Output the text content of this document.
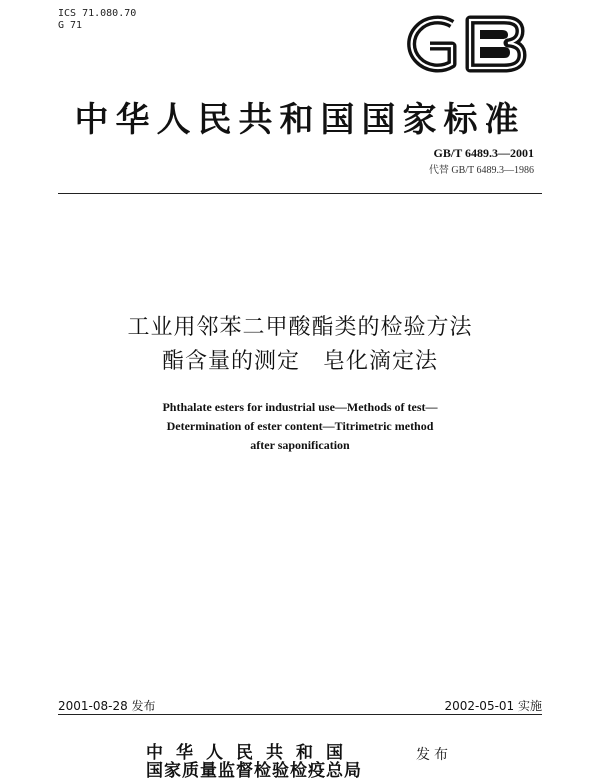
ICS 71.080.70
G 71
中华人民共和国国家标准
GB/T 6489.3—2001
代替 GB/T 6489.3—1986
工业用邻苯二甲酸酯类的检验方法
酯含量的测定　皂化滴定法
Phthalate esters for industrial use—Methods of test—
Determination of ester content—Titrimetric method
after saponification
2001-08-28 发布	2002-05-01 实施
中华人民共和国
国家质量监督检验检疫总局
发布
